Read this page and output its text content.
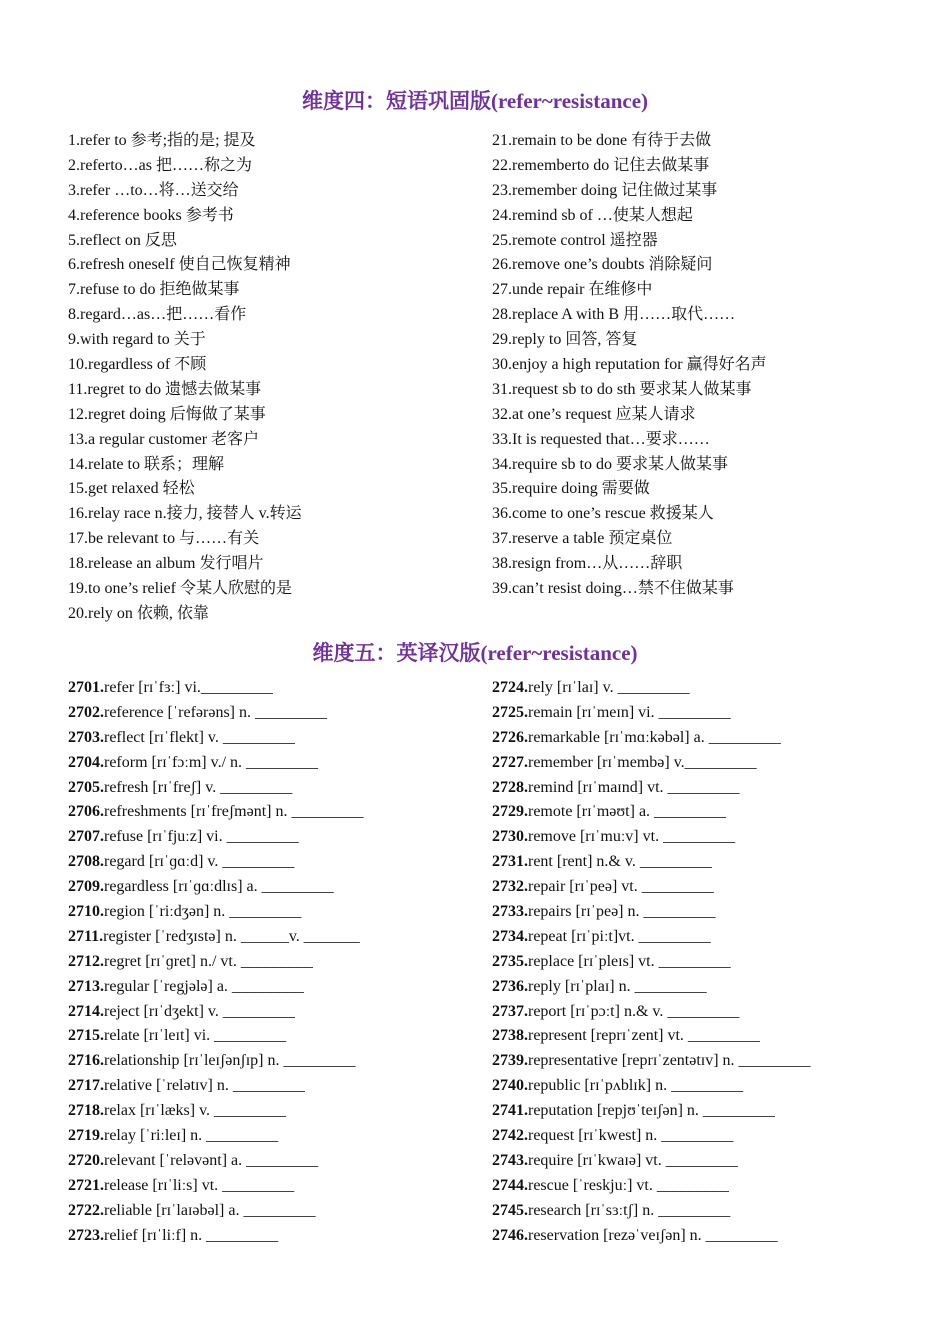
维度四：短语巩固版(refer~resistance)
1.refer to 参考;指的是; 提及
2.referto…as 把……称之为
3.refer …to…将…送交给
4.reference books 参考书
5.reflect on 反思
6.refresh oneself 使自己恢复精神
7.refuse to do 拒绝做某事
8.regard…as…把……看作
9.with regard to 关于
10.regardless of 不顾
11.regret to do 遗憾去做某事
12.regret doing 后悔做了某事
13.a regular customer 老客户
14.relate to 联系；理解
15.get relaxed 轻松
16.relay race n.接力, 接替人 v.转运
17.be relevant to 与……有关
18.release an album 发行唱片
19.to one’s relief 令某人欣慰的是
20.rely on 依赖, 依靠
21.remain to be done 有待于去做
22.rememberto do 记住去做某事
23.remember doing 记住做过某事
24.remind sb of …使某人想起
25.remote control 遥控器
26.remove one’s doubts 消除疑问
27.unde repair 在维修中
28.replace A with B 用……取代……
29.reply to 回答, 答复
30.enjoy a high reputation for 赢得好名声
31.request sb to do sth 要求某人做某事
32.at one’s request 应某人请求
33.It is requested that…要求……
34.require sb to do 要求某人做某事
35.require doing 需要做
36.come to one’s rescue 救援某人
37.reserve a table 预定桌位
38.resign from…从……辞职
39.can’t resist doing…禁不住做某事
维度五：英译汉版(refer~resistance)
2701.refer [rɪˈfɜː] vi._________
2702.reference [ˈrefərəns] n. _________
2703.reflect [rɪˈflekt] v. _________
2704.reform [rɪˈfɔːm] v./ n. _________
2705.refresh [rɪˈfreʃ] v. _________
2706.refreshments [rɪˈfreʃmənt] n. _________
2707.refuse [rɪˈfjuːz] vi. _________
2708.regard [rɪˈɡɑːd] v. _________
2709.regardless [rɪˈɡɑːdlɪs] a. _________
2710.region [ˈriːdʒən] n. _________
2711.register [ˈredʒɪstə] n. ______v. _______
2712.regret [rɪˈɡret] n./ vt. _________
2713.regular [ˈregjələ] a. _________
2714.reject [rɪˈdʒekt] v. _________
2715.relate [rɪˈleɪt] vi. _________
2716.relationship [rɪˈleɪʃənʃɪp] n. _________
2717.relative [ˈrelətɪv] n. _________
2718.relax [rɪˈlæks] v. _________
2719.relay [ˈriːleɪ] n. _________
2720.relevant [ˈreləvənt] a. _________
2721.release [rɪˈliːs] vt. _________
2722.reliable [rɪˈlaɪəbəl] a. _________
2723.relief [rɪˈliːf] n. _________
2724.rely [rɪˈlaɪ] v. _________
2725.remain [rɪˈmeɪn] vi. _________
2726.remarkable [rɪˈmɑːkəbəl] a. _________
2727.remember [rɪˈmembə] v._________
2728.remind [rɪˈmaɪnd] vt. _________
2729.remote [rɪˈməʊt] a. _________
2730.remove [rɪˈmuːv] vt. _________
2731.rent [rent] n.& v. _________
2732.repair [rɪˈpeə] vt. _________
2733.repairs [rɪˈpeə] n. _________
2734.repeat [rɪˈpiːt]vt. _________
2735.replace [rɪˈpleɪs] vt. _________
2736.reply [rɪˈplaɪ] n. _________
2737.report [rɪˈpɔːt] n.& v. _________
2738.represent [reprɪˈzent] vt. _________
2739.representative [reprɪˈzentətɪv] n. _________
2740.republic [rɪˈpʌblɪk] n. _________
2741.reputation [repjʊˈteɪʃən] n. _________
2742.request [rɪˈkwest] n. _________
2743.require [rɪˈkwaɪə] vt. _________
2744.rescue [ˈreskjuː] vt. _________
2745.research [rɪˈsɜːtʃ] n. _________
2746.reservation [rezəˈveɪʃən] n. _________
